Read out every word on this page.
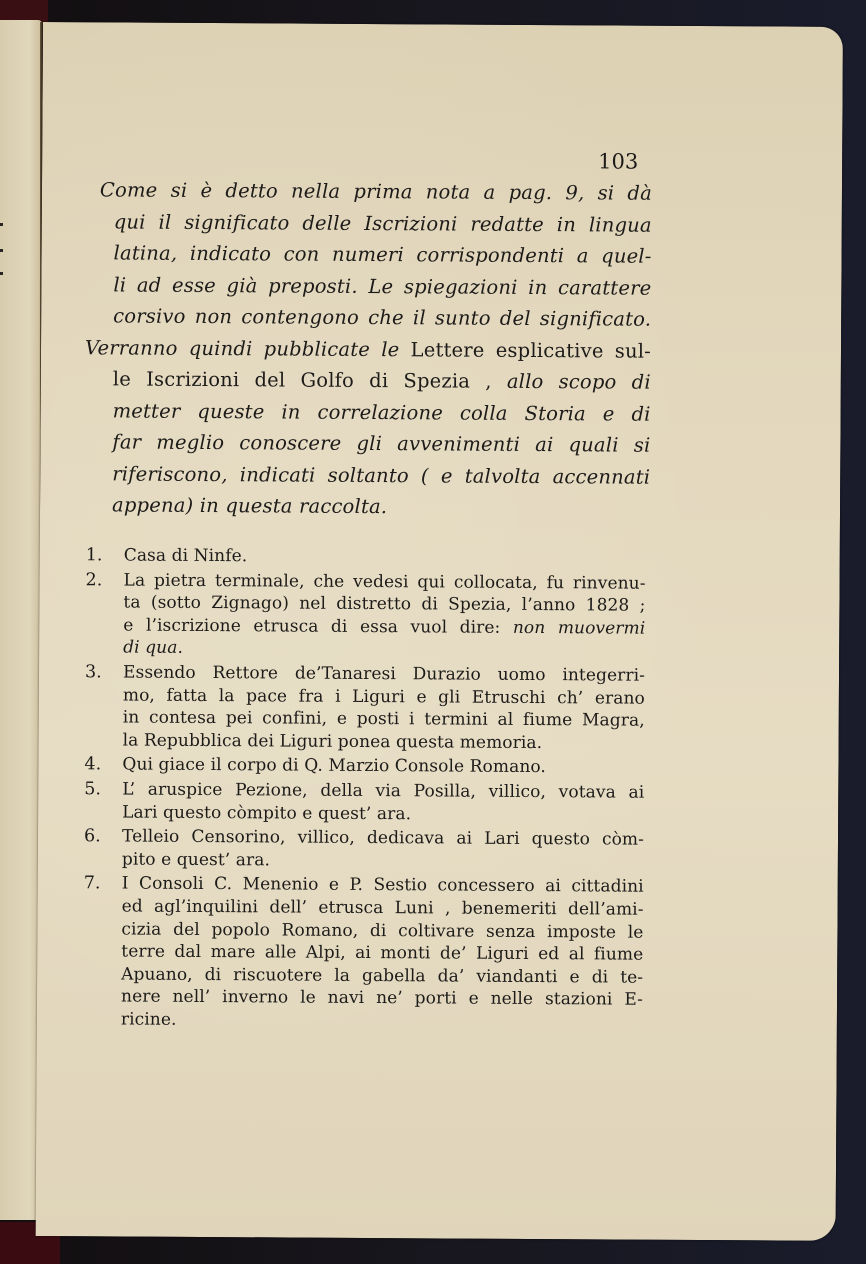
103
Come si è detto nella prima nota a pag. 9, si dà
qui il significato delle Iscrizioni redatte in lingua
latina, indicato con numeri corrispondenti a quel-
li ad esse già preposti. Le spiegazioni in carattere
corsivo non contengono che il sunto del significato.
Verranno quindi pubblicate le Lettere esplicative sul-
le Iscrizioni del Golfo di Spezia , allo scopo di
metter queste in correlazione colla Storia e di
far meglio conoscere gli avvenimenti ai quali si
riferiscono, indicati soltanto ( e talvolta accennati
appena) in questa raccolta.
1.	Casa di Ninfe.
2.	La pietra terminale, che vedesi qui collocata, fu rinvenu-
ta (sotto Zignago) nel distretto di Spezia, l’anno 1828 ;
e l’iscrizione etrusca di essa vuol dire: non muovermi
di qua.
3.	Essendo Rettore de’Tanaresi Durazio uomo integerri-
mo, fatta la pace fra i Liguri e gli Etruschi ch’ erano
in contesa pei confini, e posti i termini al fiume Magra,
la Repubblica dei Liguri ponea questa memoria.
4.	Qui giace il corpo di Q. Marzio Console Romano.
5.	L’ aruspice Pezione, della via Posilla, villico, votava ai
Lari questo còmpito e quest’ ara.
6.	Telleio Censorino, villico, dedicava ai Lari questo còm-
pito e quest’ ara.
7.	I Consoli C. Menenio e P. Sestio concessero ai cittadini
ed agl’inquilini dell’ etrusca Luni , benemeriti dell’ami-
cizia del popolo Romano, di coltivare senza imposte le
terre dal mare alle Alpi, ai monti de’ Liguri ed al fiume
Apuano, di riscuotere la gabella da’ viandanti e di te-
nere nell’ inverno le navi ne’ porti e nelle stazioni E-
ricine.
